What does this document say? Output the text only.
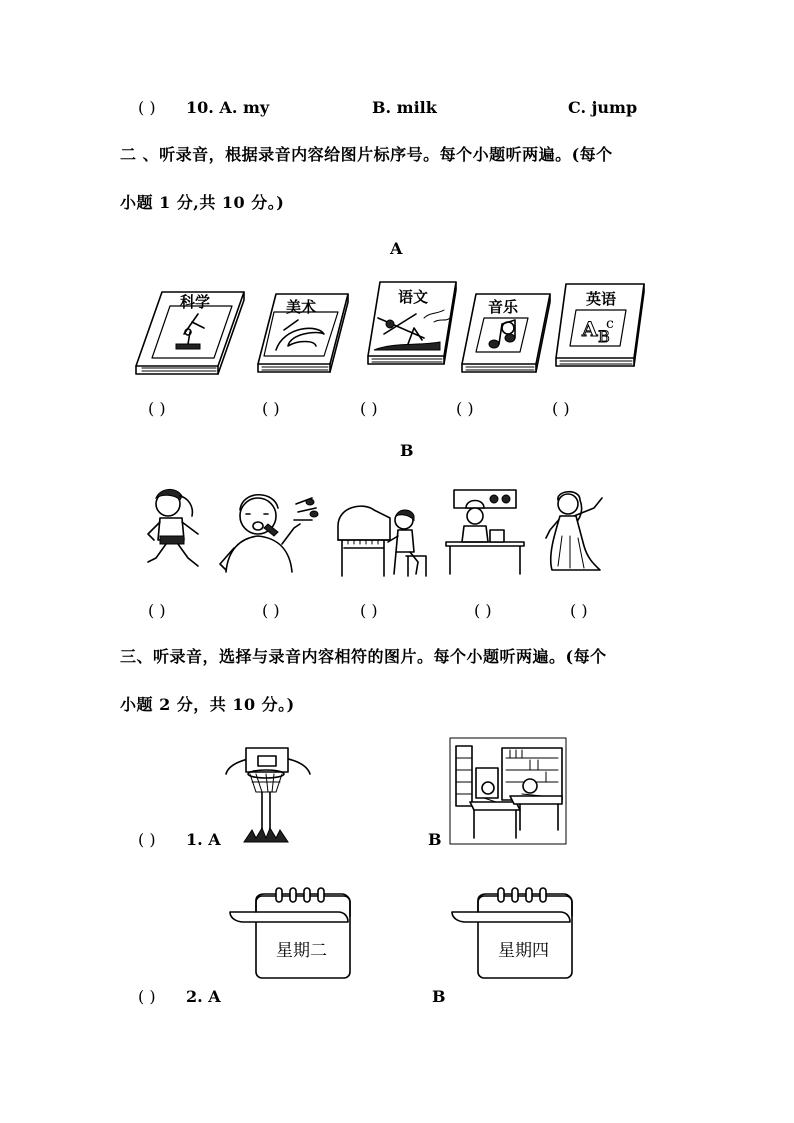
( ) 10. A. my	B. milk	C. jump
二 、听录音，根据录音内容给图片标序号。每个小题听两遍。(每个
小题 1 分,共 10 分。)
A
科学	美术
语文
音乐	英语
A B
c
( )	( )	( )	( )	( )
B
( )	( )	( )	( )	( )
三、听录音，选择与录音内容相符的图片。每个小题听两遍。(每个
小题 2 分，共 10 分。)
( ) 1. A	B
星期二
( ) 2. A
星期四
B
